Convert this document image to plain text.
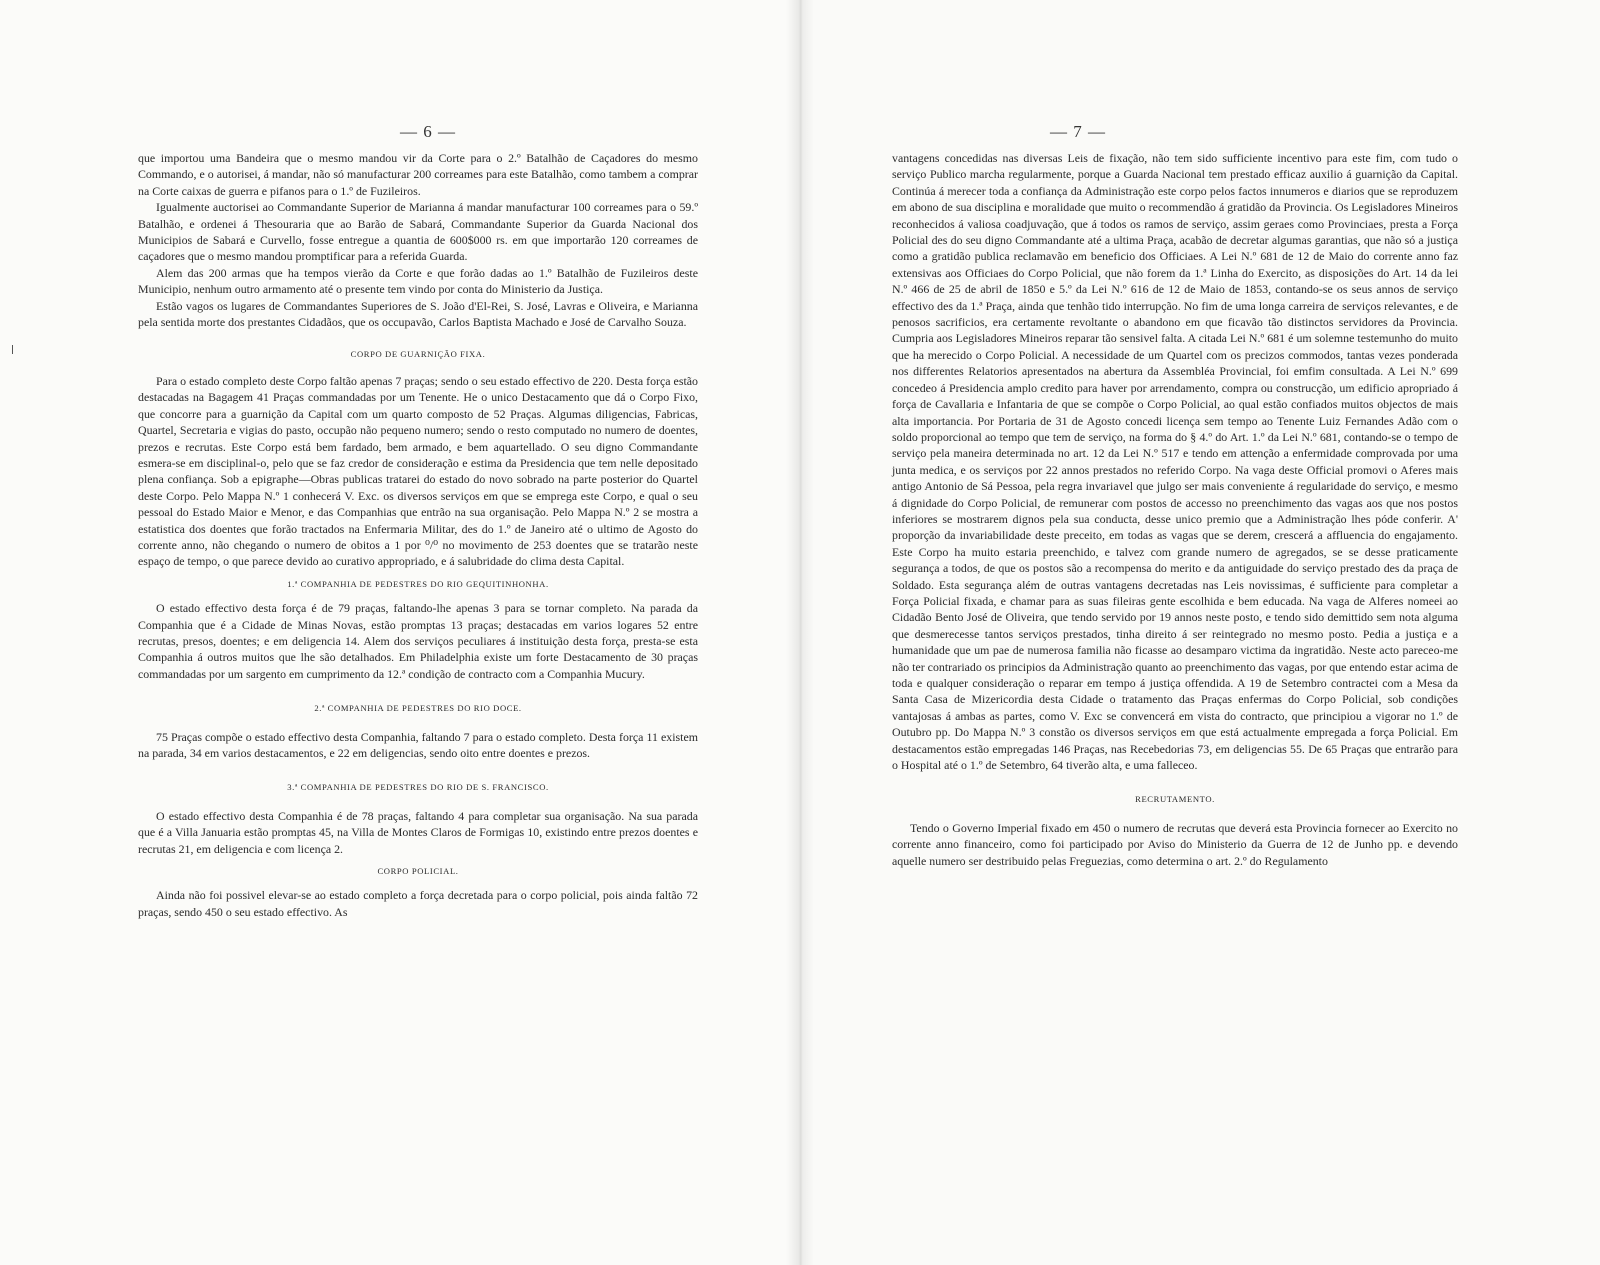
— 6 —

que importou uma Bandeira que o mesmo mandou vir da Corte para o 2.º Batalhão de Caçadores do mesmo Commando, e o autorisei, á mandar, não só manufacturar 200 correames para este Batalhão, como tambem a comprar na Corte caixas de guerra e pifanos para o 1.º de Fuzileiros.

Igualmente auctorisei ao Commandante Superior de Marianna á mandar manufacturar 100 correames para o 59.º Batalhão, e ordenei á Thesouraria que ao Barão de Sabará, Commandante Superior da Guarda Nacional dos Municipios de Sabará e Curvello, fosse entregue a quantia de 600$000 rs. em que importarão 120 correames de caçadores que o mesmo mandou promptificar para a referida Guarda.

Alem das 200 armas que ha tempos vierão da Corte e que forão dadas ao 1.º Batalhão de Fuzileiros deste Municipio, nenhum outro armamento até o presente tem vindo por conta do Ministerio da Justiça.

Estão vagos os lugares de Commandantes Superiores de S. João d'El-Rei, S. José, Lavras e Oliveira, e Marianna pela sentida morte dos prestantes Cidadãos, que os occupavão, Carlos Baptista Machado e José de Carvalho Souza.

CORPO DE GUARNIÇÃO FIXA.

Para o estado completo deste Corpo faltão apenas 7 praças; sendo o seu estado effectivo de 220. Desta força estão destacadas na Bagagem 41 Praças commandadas por um Tenente. He o unico Destacamento que dá o Corpo Fixo, que concorre para a guarnição da Capital com um quarto composto de 52 Praças. Algumas diligencias, Fabricas, Quartel, Secretaria e vigias do pasto, occupão não pequeno numero; sendo o resto computado no numero de doentes, prezos e recrutas. Este Corpo está bem fardado, bem armado, e bem aquartellado. O seu digno Commandante esmera-se em disciplinal-o, pelo que se faz credor de consideração e estima da Presidencia que tem nelle depositado plena confiança. Sob a epigraphe—Obras publicas tratarei do estado do novo sobrado na parte posterior do Quartel deste Corpo. Pelo Mappa N.º 1 conhecerá V. Exc. os diversos serviços em que se emprega este Corpo, e qual o seu pessoal do Estado Maior e Menor, e das Companhias que entrão na sua organisação. Pelo Mappa N.º 2 se mostra a estatistica dos doentes que forão tractados na Enfermaria Militar, des do 1.º de Janeiro até o ultimo de Agosto do corrente anno, não chegando o numero de obitos a 1 por ⁰/⁰ no movimento de 253 doentes que se tratarão neste espaço de tempo, o que parece devido ao curativo appropriado, e á salubridade do clima desta Capital.

1.ª COMPANHIA DE PEDESTRES DO RIO GEQUITINHONHA.

O estado effectivo desta força é de 79 praças, faltando-lhe apenas 3 para se tornar completo. Na parada da Companhia que é a Cidade de Minas Novas, estão promptas 13 praças; destacadas em varios logares 52 entre recrutas, presos, doentes; e em deligencia 14. Alem dos serviços peculiares á instituição desta força, presta-se esta Companhia á outros muitos que lhe são detalhados. Em Philadelphia existe um forte Destacamento de 30 praças commandadas por um sargento em cumprimento da 12.ª condição de contracto com a Companhia Mucury.

2.ª COMPANHIA DE PEDESTRES DO RIO DOCE.

75 Praças compõe o estado effectivo desta Companhia, faltando 7 para o estado completo. Desta força 11 existem na parada, 34 em varios destacamentos, e 22 em deligencias, sendo oito entre doentes e prezos.

3.ª COMPANHIA DE PEDESTRES DO RIO DE S. FRANCISCO.

O estado effectivo desta Companhia é de 78 praças, faltando 4 para completar sua organisação. Na sua parada que é a Villa Januaria estão promptas 45, na Villa de Montes Claros de Formigas 10, existindo entre prezos doentes e recrutas 21, em deligencia e com licença 2.

CORPO POLICIAL.

Ainda não foi possivel elevar-se ao estado completo a força decretada para o corpo policial, pois ainda faltão 72 praças, sendo 450 o seu estado effectivo. As

— 7 —

vantagens concedidas nas diversas Leis de fixação, não tem sido sufficiente incentivo para este fim, com tudo o serviço Publico marcha regularmente, porque a Guarda Nacional tem prestado efficaz auxilio á guarnição da Capital. Continúa á merecer toda a confiança da Administração este corpo pelos factos innumeros e diarios que se reproduzem em abono de sua disciplina e moralidade que muito o recommendão á gratidão da Provincia. Os Legisladores Mineiros reconhecidos á valiosa coadjuvação, que á todos os ramos de serviço, assim geraes como Provinciaes, presta a Força Policial des do seu digno Commandante até a ultima Praça, acabão de decretar algumas garantias, que não só a justiça como a gratidão publica reclamavão em beneficio dos Officiaes. A Lei N.º 681 de 12 de Maio do corrente anno faz extensivas aos Officiaes do Corpo Policial, que não forem da 1.ª Linha do Exercito, as disposições do Art. 14 da lei N.º 466 de 25 de abril de 1850 e 5.º da Lei N.º 616 de 12 de Maio de 1853, contando-se os seus annos de serviço effectivo des da 1.ª Praça, ainda que tenhão tido interrupção. No fim de uma longa carreira de serviços relevantes, e de penosos sacrificios, era certamente revoltante o abandono em que ficavão tão distinctos servidores da Provincia. Cumpria aos Legisladores Mineiros reparar tão sensivel falta. A citada Lei N.º 681 é um solemne testemunho do muito que ha merecido o Corpo Policial. A necessidade de um Quartel com os precizos commodos, tantas vezes ponderada nos differentes Relatorios apresentados na abertura da Assembléa Provincial, foi emfim consultada. A Lei N.º 699 concedeo á Presidencia amplo credito para haver por arrendamento, compra ou construcção, um edificio apropriado á força de Cavallaria e Infantaria de que se compõe o Corpo Policial, ao qual estão confiados muitos objectos de mais alta importancia. Por Portaria de 31 de Agosto concedi licença sem tempo ao Tenente Luiz Fernandes Adão com o soldo proporcional ao tempo que tem de serviço, na forma do § 4.º do Art. 1.º da Lei N.º 681, contando-se o tempo de serviço pela maneira determinada no art. 12 da Lei N.º 517 e tendo em attenção a enfermidade comprovada por uma junta medica, e os serviços por 22 annos prestados no referido Corpo. Na vaga deste Official promovi o Aferes mais antigo Antonio de Sá Pessoa, pela regra invariavel que julgo ser mais conveniente á regularidade do serviço, e mesmo á dignidade do Corpo Policial, de remunerar com postos de accesso no preenchimento das vagas aos que nos postos inferiores se mostrarem dignos pela sua conducta, desse unico premio que a Administração lhes póde conferir. A' proporção da invariabilidade deste preceito, em todas as vagas que se derem, crescerá a affluencia do engajamento. Este Corpo ha muito estaria preenchido, e talvez com grande numero de agregados, se se desse praticamente segurança a todos, de que os postos são a recompensa do merito e da antiguidade do serviço prestado des da praça de Soldado. Esta segurança além de outras vantagens decretadas nas Leis novissimas, é sufficiente para completar a Força Policial fixada, e chamar para as suas fileiras gente escolhida e bem educada. Na vaga de Alferes nomeei ao Cidadão Bento José de Oliveira, que tendo servido por 19 annos neste posto, e tendo sido demittido sem nota alguma que desmerecesse tantos serviços prestados, tinha direito á ser reintegrado no mesmo posto. Pedia a justiça e a humanidade que um pae de numerosa familia não ficasse ao desamparo victima da ingratidão. Neste acto pareceo-me não ter contrariado os principios da Administração quanto ao preenchimento das vagas, por que entendo estar acima de toda e qualquer consideração o reparar em tempo á justiça offendida. A 19 de Setembro contractei com a Mesa da Santa Casa de Mizericordia desta Cidade o tratamento das Praças enfermas do Corpo Policial, sob condições vantajosas á ambas as partes, como V. Exc se convencerá em vista do contracto, que principiou a vigorar no 1.º de Outubro pp. Do Mappa N.º 3 constão os diversos serviços em que está actualmente empregada a força Policial. Em destacamentos estão empregadas 146 Praças, nas Recebedorias 73, em deligencias 55. De 65 Praças que entrarão para o Hospital até o 1.º de Setembro, 64 tiverão alta, e uma falleceo.

RECRUTAMENTO.

Tendo o Governo Imperial fixado em 450 o numero de recrutas que deverá esta Provincia fornecer ao Exercito no corrente anno financeiro, como foi participado por Aviso do Ministerio da Guerra de 12 de Junho pp. e devendo aquelle numero ser destribuido pelas Freguezias, como determina o art. 2.º do Regulamento
